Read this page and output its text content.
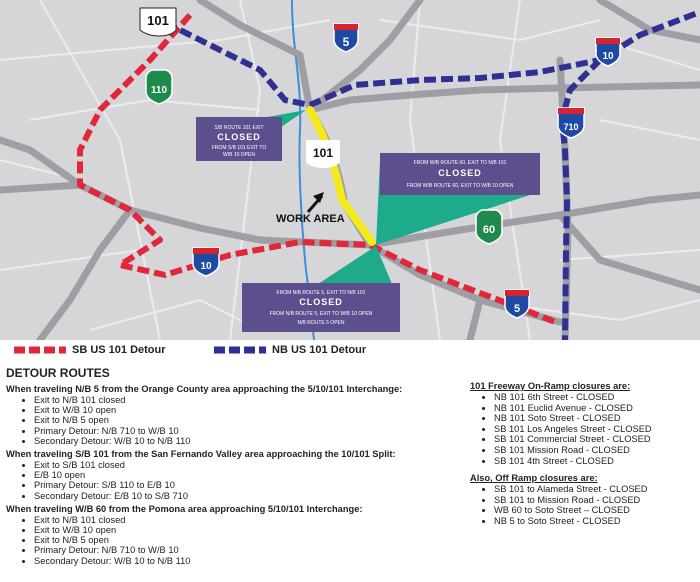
S/B ROUTE 101 EXIT
CLOSED
FROM S/B 101 EXIT TO
W/B 10 OPEN
FROM W/B ROUTE 60, EXIT TO N/B 101
CLOSED
FROM W/B ROUTE 60, EXIT TO W/B 10 OPEN
FROM N/B ROUTE 5, EXIT TO N/B 101
CLOSED
FROM N/B ROUTE 5, EXIT TO W/B 10 OPEN
N/B ROUTE 5 OPEN
101
5
10
710
110
60
10
5
101
WORK AREA
SB US 101 Detour	NB US 101 Detour
DETOUR ROUTES
When traveling N/B 5 from the Orange County area approaching the 5/10/101 Interchange:
• Exit to N/B 101 closed
• Exit to W/B 10 open
• Exit to N/B 5 open
• Primary Detour: N/B 710 to W/B 10
• Secondary Detour: W/B 10 to N/B 110
When traveling S/B 101 from the San Fernando Valley area approaching the 10/101 Split:
• Exit to S/B 101 closed
• E/B 10 open
• Primary Detour: S/B 110 to E/B 10
• Secondary Detour: E/B 10 to S/B 710
When traveling W/B 60 from the Pomona area approaching 5/10/101 Interchange:
• Exit to N/B 101 closed
• Exit to W/B 10 open
• Exit to N/B 5 open
• Primary Detour: N/B 710 to W/B 10
• Secondary Detour: W/B 10 to N/B 110
101 Freeway On-Ramp closures are:
• NB 101 6th Street - CLOSED
• NB 101 Euclid Avenue - CLOSED
• NB 101 Soto Street - CLOSED
• SB 101 Los Angeles Street - CLOSED
• SB 101 Commercial Street - CLOSED
• SB 101 Mission Road - CLOSED
• SB 101 4th Street - CLOSED
Also, Off Ramp closures are:
• SB 101 to Alameda Street - CLOSED
• SB 101 to Mission Road - CLOSED
• WB 60 to Soto Street – CLOSED
• NB 5 to Soto Street - CLOSED
